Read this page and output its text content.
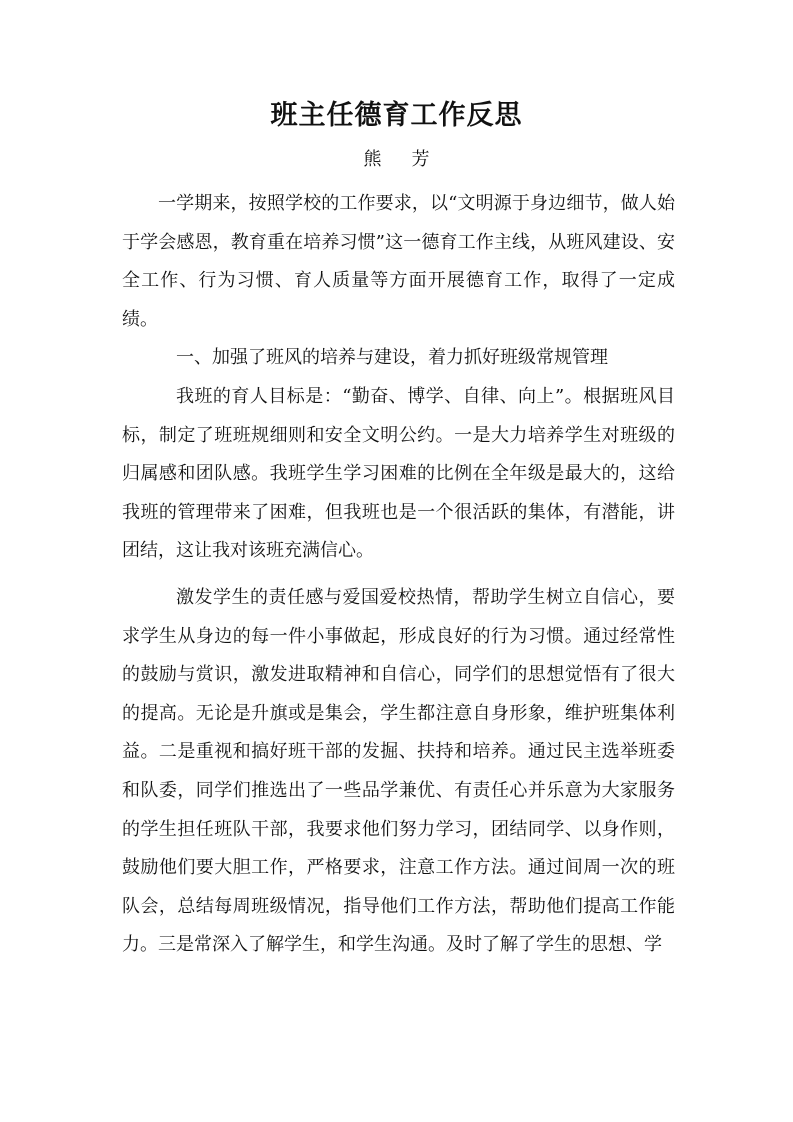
班主任德育工作反思
熊芳

一学期来，按照学校的工作要求，以“文明源于身边细节，做人始于学会感恩，教育重在培养习惯”这一德育工作主线，从班风建设、安全工作、行为习惯、育人质量等方面开展德育工作，取得了一定成绩。

一、加强了班风的培养与建设，着力抓好班级常规管理

我班的育人目标是：“勤奋、博学、自律、向上”。根据班风目标，制定了班班规细则和安全文明公约。一是大力培养学生对班级的归属感和团队感。我班学生学习困难的比例在全年级是最大的，这给我班的管理带来了困难，但我班也是一个很活跃的集体，有潜能，讲团结，这让我对该班充满信心。

激发学生的责任感与爱国爱校热情，帮助学生树立自信心，要求学生从身边的每一件小事做起，形成良好的行为习惯。通过经常性的鼓励与赏识，激发进取精神和自信心，同学们的思想觉悟有了很大的提高。无论是升旗或是集会，学生都注意自身形象，维护班集体利益。二是重视和搞好班干部的发掘、扶持和培养。通过民主选举班委和队委，同学们推选出了一些品学兼优、有责任心并乐意为大家服务的学生担任班队干部，我要求他们努力学习，团结同学、以身作则，鼓励他们要大胆工作，严格要求，注意工作方法。通过间周一次的班队会，总结每周班级情况，指导他们工作方法，帮助他们提高工作能力。三是常深入了解学生，和学生沟通。及时了解了学生的思想、学
